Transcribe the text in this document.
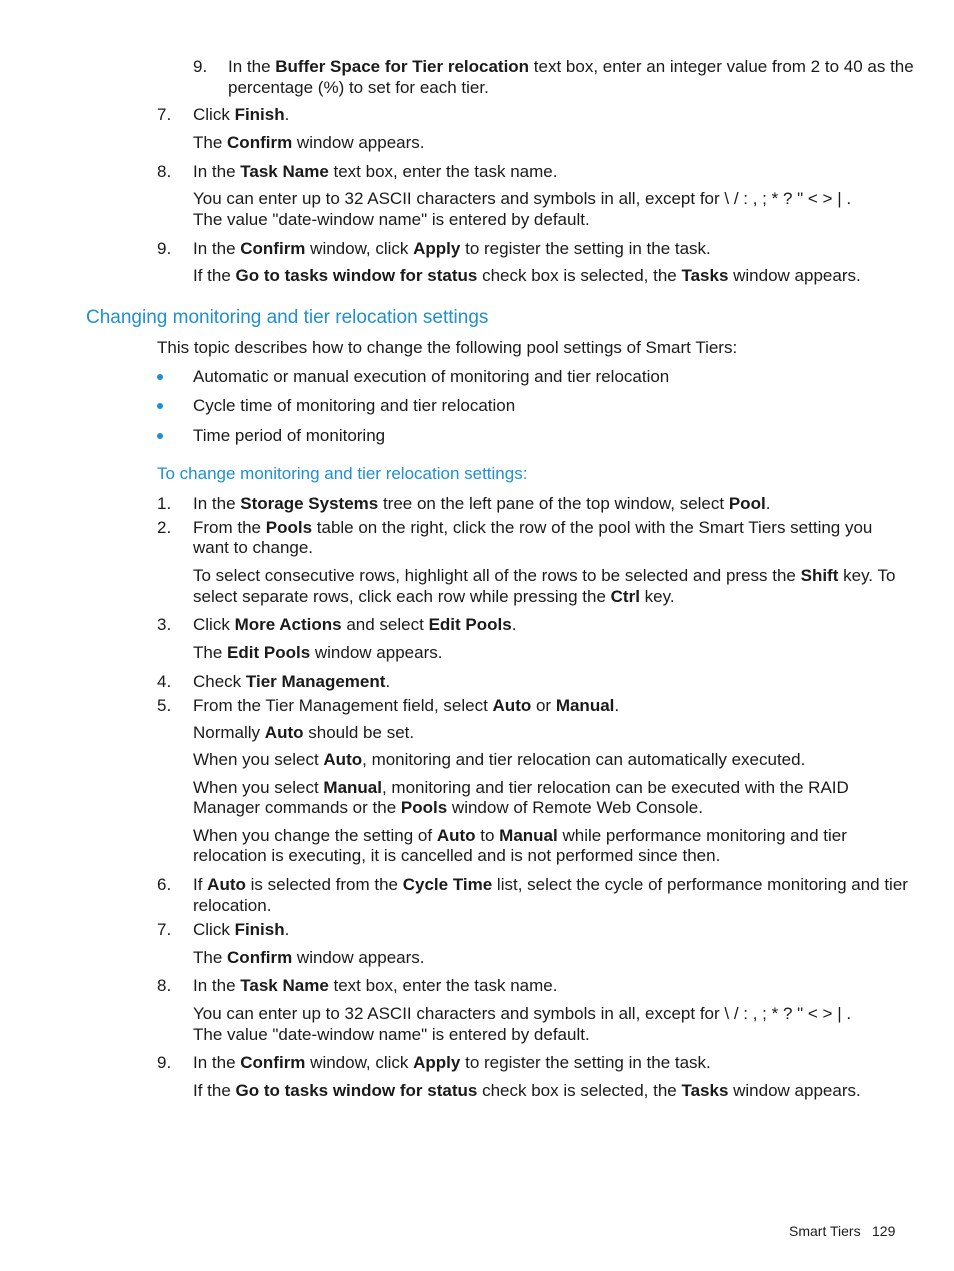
9. In the Buffer Space for Tier relocation text box, enter an integer value from 2 to 40 as the
percentage (%) to set for each tier.
7. Click Finish.
The Confirm window appears.
8. In the Task Name text box, enter the task name.
You can enter up to 32 ASCII characters and symbols in all, except for \ / : , ; * ? " < > | .
The value "date-window name" is entered by default.
9. In the Confirm window, click Apply to register the setting in the task.
If the Go to tasks window for status check box is selected, the Tasks window appears.
Changing monitoring and tier relocation settings
This topic describes how to change the following pool settings of Smart Tiers:
Automatic or manual execution of monitoring and tier relocation
Cycle time of monitoring and tier relocation
Time period of monitoring
To change monitoring and tier relocation settings:
1. In the Storage Systems tree on the left pane of the top window, select Pool.
2. From the Pools table on the right, click the row of the pool with the Smart Tiers setting you
want to change.
To select consecutive rows, highlight all of the rows to be selected and press the Shift key. To
select separate rows, click each row while pressing the Ctrl key.
3. Click More Actions and select Edit Pools.
The Edit Pools window appears.
4. Check Tier Management.
5. From the Tier Management field, select Auto or Manual.
Normally Auto should be set.
When you select Auto, monitoring and tier relocation can automatically executed.
When you select Manual, monitoring and tier relocation can be executed with the RAID
Manager commands or the Pools window of Remote Web Console.
When you change the setting of Auto to Manual while performance monitoring and tier
relocation is executing, it is cancelled and is not performed since then.
6. If Auto is selected from the Cycle Time list, select the cycle of performance monitoring and tier
relocation.
7. Click Finish.
The Confirm window appears.
8. In the Task Name text box, enter the task name.
You can enter up to 32 ASCII characters and symbols in all, except for \ / : , ; * ? " < > | .
The value "date-window name" is entered by default.
9. In the Confirm window, click Apply to register the setting in the task.
If the Go to tasks window for status check box is selected, the Tasks window appears.
Smart Tiers 129
